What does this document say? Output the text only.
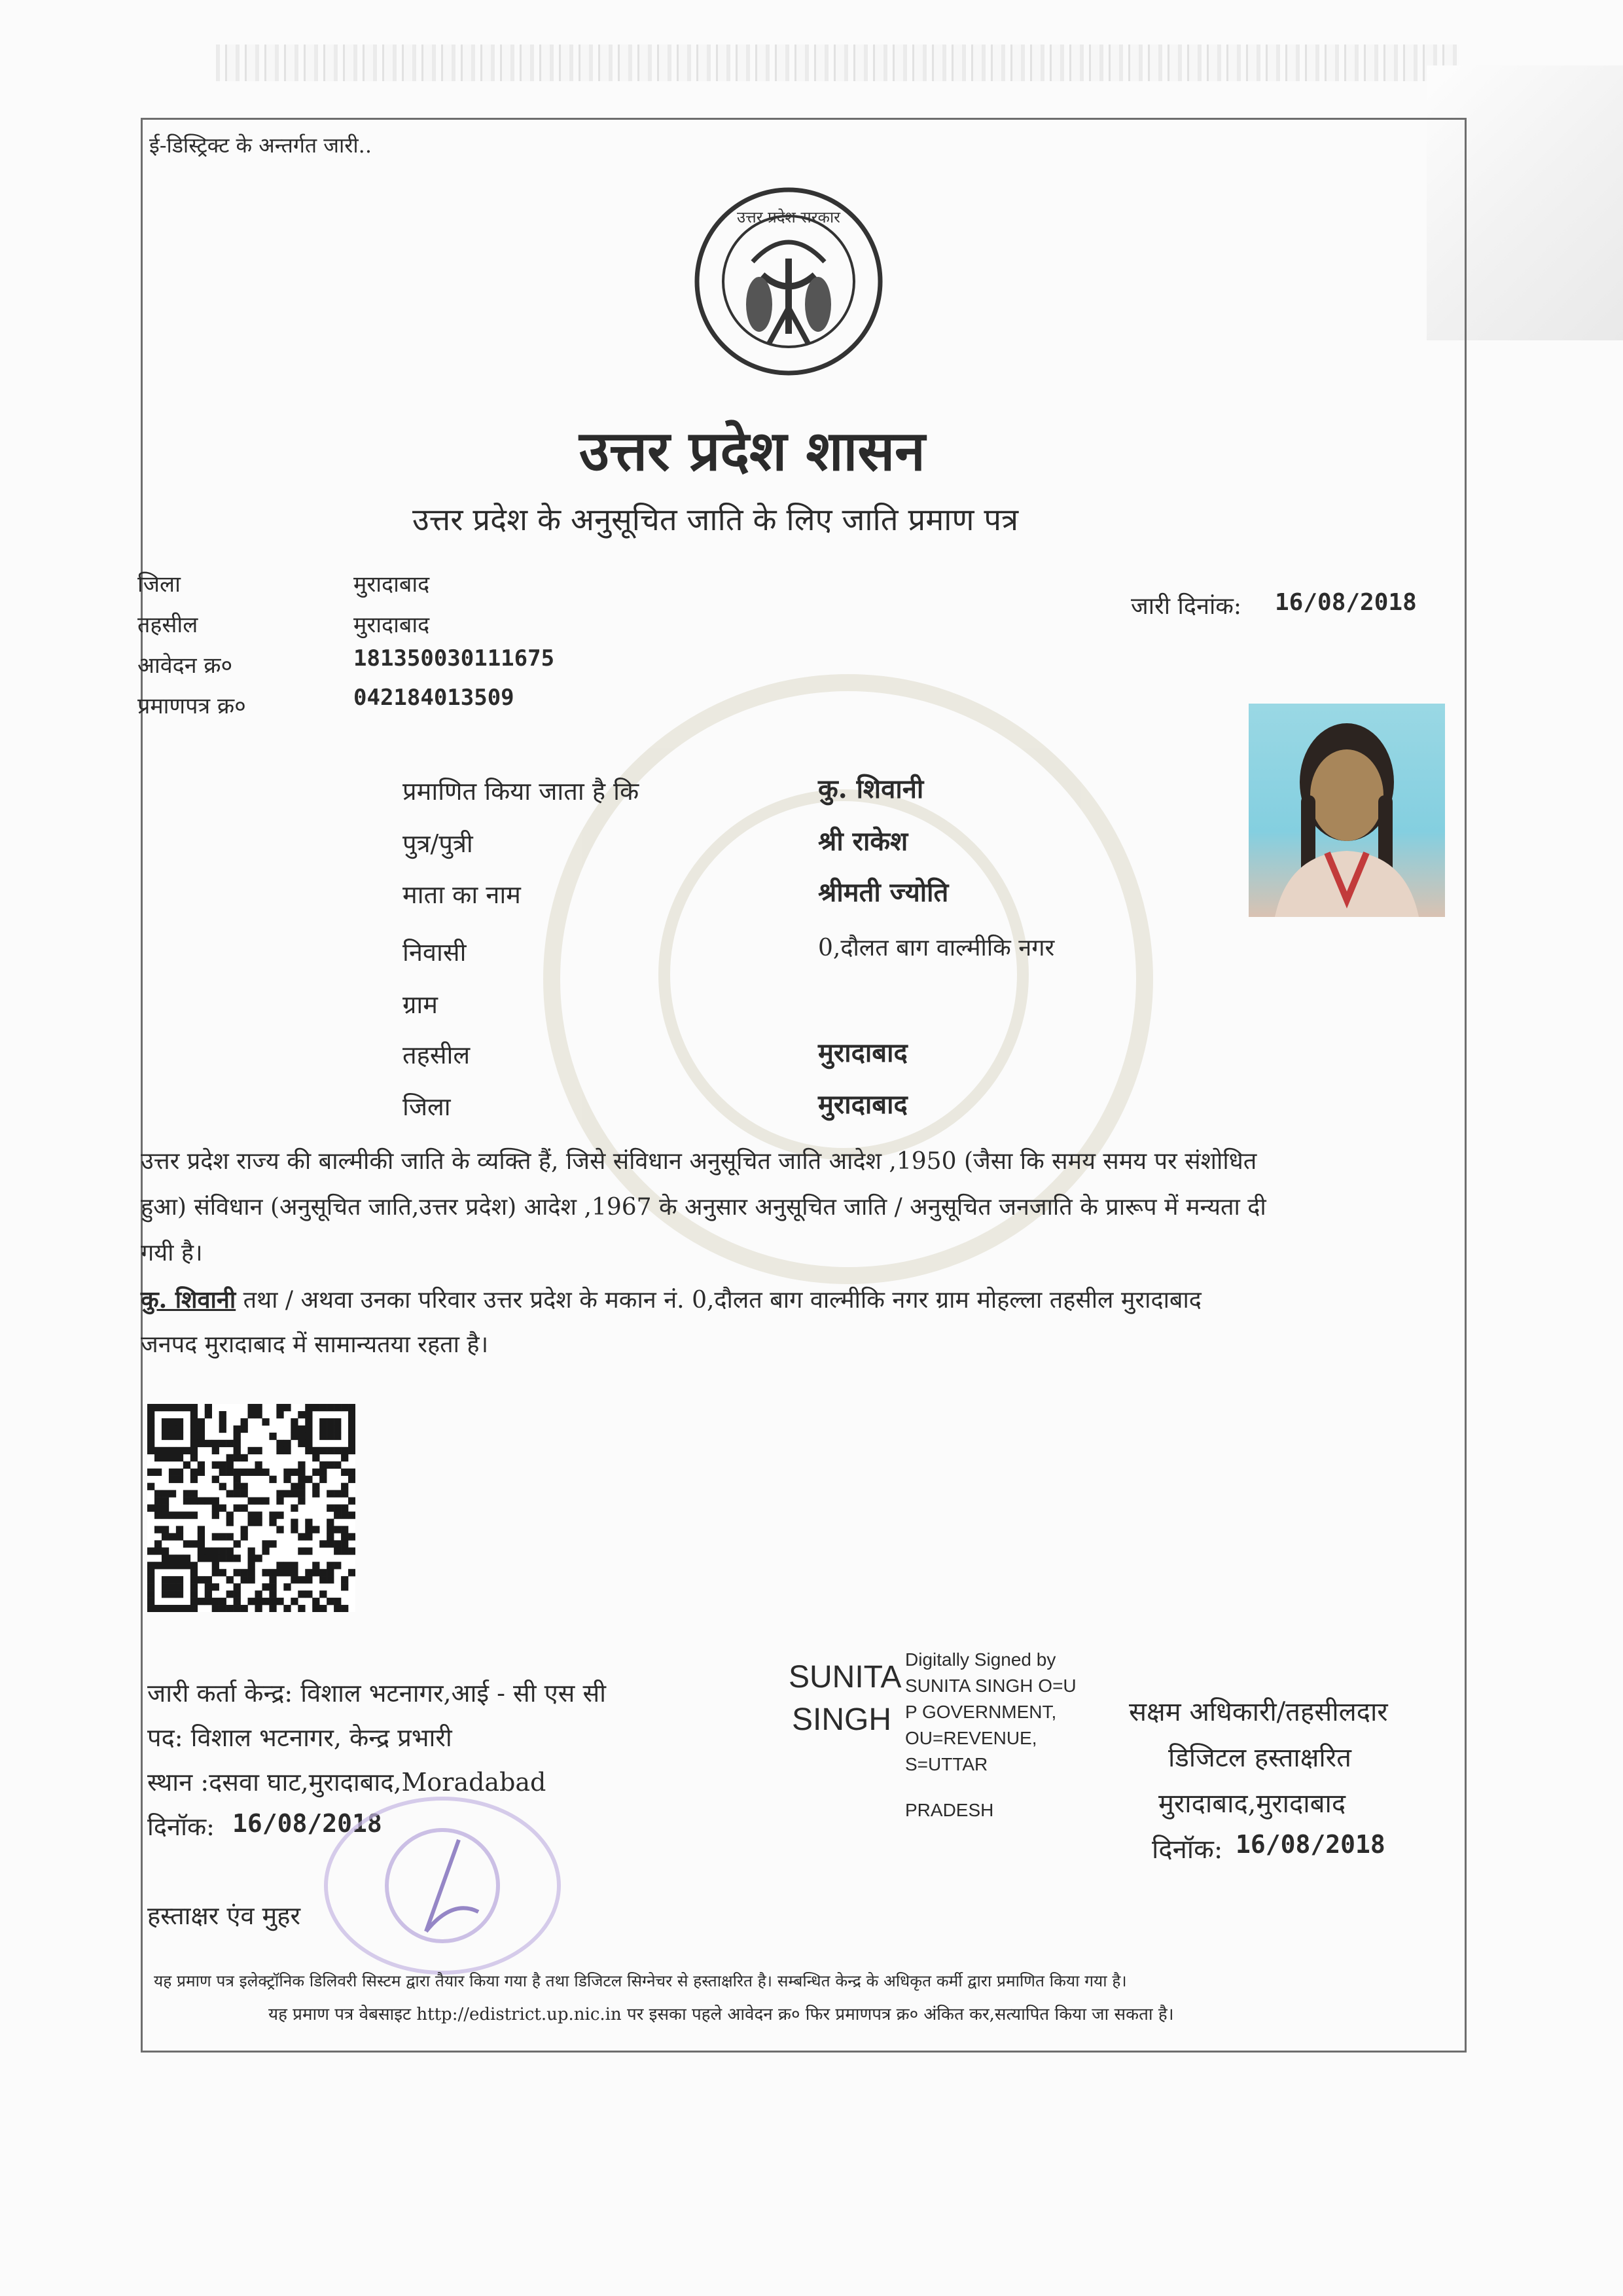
ई-डिस्ट्रिक्ट के अन्तर्गत जारी..
उत्तर प्रदेश सरकार
उत्तर प्रदेश शासन
उत्तर प्रदेश के अनुसूचित जाति के लिए जाति प्रमाण पत्र
जिला	मुरादाबाद
तहसील	मुरादाबाद
आवेदन क्र०	181350030111675
प्रमाणपत्र क्र०	042184013509
जारी दिनांक: 16/08/2018
प्रमाणित किया जाता है कि	कु. शिवानी
पुत्र/पुत्री	श्री राकेश
माता का नाम	श्रीमती ज्योति
निवासी	0,दौलत बाग वाल्मीकि नगर
ग्राम
तहसील	मुरादाबाद
जिला	मुरादाबाद
उत्तर प्रदेश राज्य की बाल्मीकी जाति के व्यक्ति हैं, जिसे संविधान अनुसूचित जाति आदेश ,1950 (जैसा कि समय समय पर संशोधित
हुआ) संविधान (अनुसूचित जाति,उत्तर प्रदेश) आदेश ,1967 के अनुसार अनुसूचित जाति / अनुसूचित जनजाति के प्रारूप में मन्यता दी
गयी है।
कु. शिवानी तथा / अथवा उनका परिवार उत्तर प्रदेश के मकान नं. 0,दौलत बाग वाल्मीकि नगर ग्राम मोहल्ला तहसील मुरादाबाद
जनपद मुरादाबाद में सामान्यतया रहता है।
जारी कर्ता केन्द्र: विशाल भटनागर,आई - सी एस सी
पद: विशाल भटनागर, केन्द्र प्रभारी
स्थान :दसवा घाट,मुरादाबाद,Moradabad
दिनॉक: 16/08/2018
हस्ताक्षर एंव मुहर
SUNITA
SINGH
Digitally Signed by
SUNITA SINGH O=U
P GOVERNMENT,
OU=REVENUE,
S=UTTAR
PRADESH
सक्षम अधिकारी/तहसीलदार
डिजिटल हस्ताक्षरित
मुरादाबाद,मुरादाबाद
दिनॉक: 16/08/2018
यह प्रमाण पत्र इलेक्ट्रॉनिक डिलिवरी सिस्टम द्वारा तैयार किया गया है तथा डिजिटल सिग्नेचर से हस्ताक्षरित है। सम्बन्धित केन्द्र के अधिकृत कर्मी द्वारा प्रमाणित किया गया है।
यह प्रमाण पत्र वेबसाइट http://edistrict.up.nic.in पर इसका पहले आवेदन क्र० फिर प्रमाणपत्र क्र० अंकित कर,सत्यापित किया जा सकता है।
